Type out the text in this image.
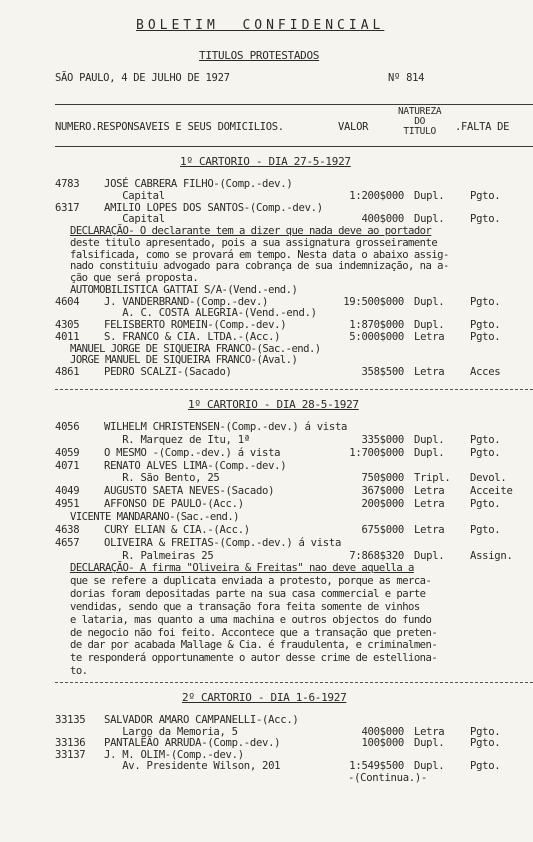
BOLETIM  CONFIDENCIAL
TITULOS PROTESTADOS
SÃO PAULO, 4 DE JULHO DE 1927	Nº 814
NUMERO.RESPONSAVEIS E SEUS DOMICILIOS.	VALOR
NATUREZA
DO
TITULO	.FALTA DE
1º CARTORIO - DIA 27-5-1927
4783 JOSÉ CABRERA FILHO-(Comp.-dev.)
Capital	1:200$000 Dupl. Pgto.
6317 AMILIO LOPES DOS SANTOS-(Comp.-dev.)
Capital	400$000 Dupl. Pgto.
DECLARAÇÃO- O declarante tem a dizer que nada deve ao portador
deste titulo apresentado, pois a sua assignatura grosseiramente
falsificada, como se provará em tempo. Nesta data o abaixo assig-
nado constituiu advogado para cobrança de sua indemnização, na a-
ção que será proposta.
AUTOMOBILISTICA GATTAI S/A-(Vend.-end.)
4604 J. VANDERBRAND-(Comp.-dev.)	19:500$000 Dupl. Pgto.
A. C. COSTA ALEGRIA-(Vend.-end.)
4305 FELISBERTO ROMEIN-(Comp.-dev.)	1:870$000 Dupl. Pgto.
4011 S. FRANCO & CIA. LTDA.-(Acc.)	5:000$000 Letra Pgto.
MANUEL JORGE DE SIQUEIRA FRANCO-(Sac.-end.)
JORGE MANUEL DE SIQUEIRA FRANCO-(Aval.)
4861 PEDRO SCALZI-(Sacado)	358$500 Letra Acces
1º CARTORIO - DIA 28-5-1927
4056 WILHELM CHRISTENSEN-(Comp.-dev.) á vista
R. Marquez de Itu, 1ª	335$000 Dupl. Pgto.
4059 O MESMO -(Comp.-dev.) á vista	1:700$000 Dupl. Pgto.
4071 RENATO ALVES LIMA-(Comp.-dev.)
R. São Bento, 25	750$000 Tripl. Devol.
4049 AUGUSTO SAETA NEVES-(Sacado)	367$000 Letra Acceite
4951 AFFONSO DE PAULO-(Acc.)	200$000 Letra Pgto.
VICENTE MANDARANO-(Sac.-end.)
4638 CURY ELIAN & CIA.-(Acc.)	675$000 Letra Pgto.
4657 OLIVEIRA & FREITAS-(Comp.-dev.) á vista
R. Palmeiras 25	7:868$320 Dupl. Assign.
DECLARAÇÃO- A firma "Oliveira & Freitas" nao deve aquella a
que se refere a duplicata enviada a protesto, porque as merca-
dorias foram depositadas parte na sua casa commercial e parte
vendidas, sendo que a transação fora feita somente de vinhos
e lataria, mas quanto a uma machina e outros objectos do fundo
de negocio não foi feito. Accontece que a transação que preten-
de dar por acabada Mallage & Cia. é fraudulenta, e criminalmen-
te responderá opportunamente o autor desse crime de estelliona-
to.
2º CARTORIO - DIA 1-6-1927
33135 SALVADOR AMARO CAMPANELLI-(Acc.)
Largo da Memoria, 5	400$000 Letra Pgto.
33136 PANTALEÃO ARRUDA-(Comp.-dev.)	100$000 Dupl. Pgto.
33137 J. M. OLIM-(Comp.-dev.)
Av. Presidente Wilson, 201	1:549$500 Dupl. Pgto.
-(Continua.)-
